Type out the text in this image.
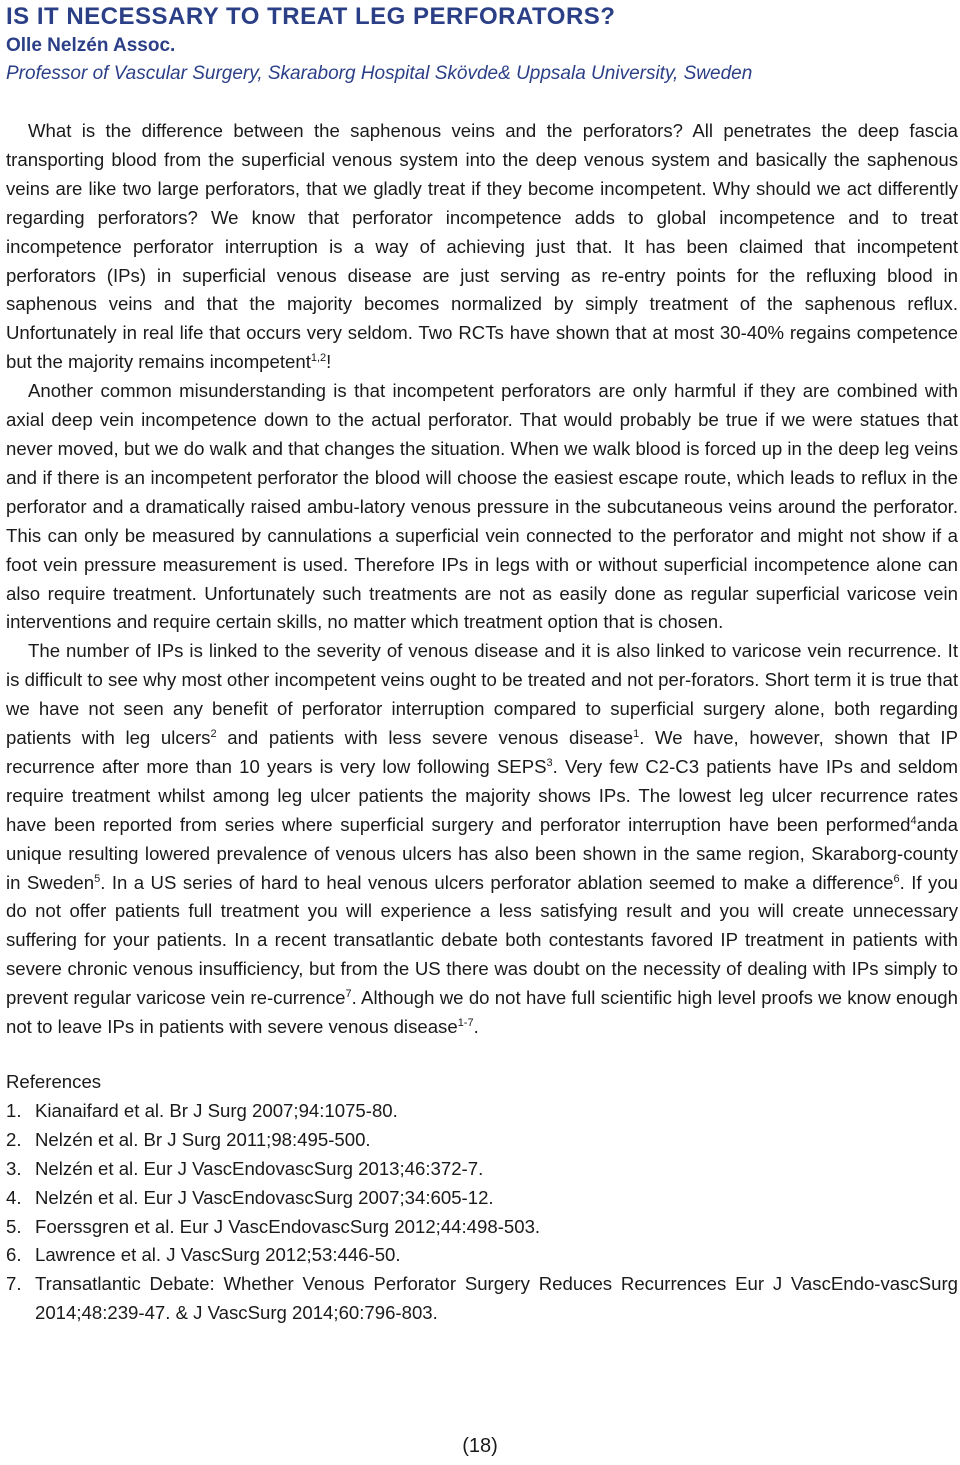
IS IT NECESSARY TO TREAT LEG PERFORATORS?
Olle Nelzén Assoc.
Professor of Vascular Surgery, Skaraborg Hospital Skövde& Uppsala University, Sweden

What is the difference between the saphenous veins and the perforators? All penetrates the deep fascia transporting blood from the superficial venous system into the deep venous system and basically the saphenous veins are like two large perforators, that we gladly treat if they become incompetent. Why should we act differently regarding perforators? We know that perforator incompetence adds to global incompetence and to treat incompetence perforator interruption is a way of achieving just that. It has been claimed that incompetent perforators (IPs) in superficial venous disease are just serving as re-entry points for the refluxing blood in saphenous veins and that the majority becomes normalized by simply treatment of the saphenous reflux. Unfortunately in real life that occurs very seldom. Two RCTs have shown that at most 30-40% regains competence but the majority remains incompetent$^{1,2}$!

Another common misunderstanding is that incompetent perforators are only harmful if they are combined with axial deep vein incompetence down to the actual perforator. That would probably be true if we were statues that never moved, but we do walk and that changes the situation. When we walk blood is forced up in the deep leg veins and if there is an incompetent perforator the blood will choose the easiest escape route, which leads to reflux in the perforator and a dramatically raised ambu-latory venous pressure in the subcutaneous veins around the perforator. This can only be measured by cannulations a superficial vein connected to the perforator and might not show if a foot vein pressure measurement is used. Therefore IPs in legs with or without superficial incompetence alone can also require treatment. Unfortunately such treatments are not as easily done as regular superficial varicose vein interventions and require certain skills, no matter which treatment option that is chosen.

The number of IPs is linked to the severity of venous disease and it is also linked to varicose vein recurrence. It is difficult to see why most other incompetent veins ought to be treated and not per-forators. Short term it is true that we have not seen any benefit of perforator interruption compared to superficial surgery alone, both regarding patients with leg ulcers$^2$ and patients with less severe venous disease$^1$. We have, however, shown that IP recurrence after more than 10 years is very low following SEPS$^3$. Very few C2-C3 patients have IPs and seldom require treatment whilst among leg ulcer patients the majority shows IPs. The lowest leg ulcer recurrence rates have been reported from series where superficial surgery and perforator interruption have been performed$^4$anda unique resulting lowered prevalence of venous ulcers has also been shown in the same region, Skaraborg-county in Sweden$^5$. In a US series of hard to heal venous ulcers perforator ablation seemed to make a difference$^6$. If you do not offer patients full treatment you will experience a less satisfying result and you will create unnecessary suffering for your patients. In a recent transatlantic debate both contestants favored IP treatment in patients with severe chronic venous insufficiency, but from the US there was doubt on the necessity of dealing with IPs simply to prevent regular varicose vein re-currence$^7$. Although we do not have full scientific high level proofs we know enough not to leave IPs in patients with severe venous disease$^{1-7}$.

References
1. Kianaifard et al. Br J Surg 2007;94:1075-80.
2. Nelzén et al. Br J Surg 2011;98:495-500.
3. Nelzén et al. Eur J VascEndovascSurg 2013;46:372-7.
4. Nelzén et al. Eur J VascEndovascSurg 2007;34:605-12.
5. Foerssgren et al. Eur J VascEndovascSurg 2012;44:498-503.
6. Lawrence et al. J VascSurg 2012;53:446-50.
7. Transatlantic Debate: Whether Venous Perforator Surgery Reduces Recurrences Eur J VascEndo-vascSurg 2014;48:239-47. & J VascSurg 2014;60:796-803.
(18)
